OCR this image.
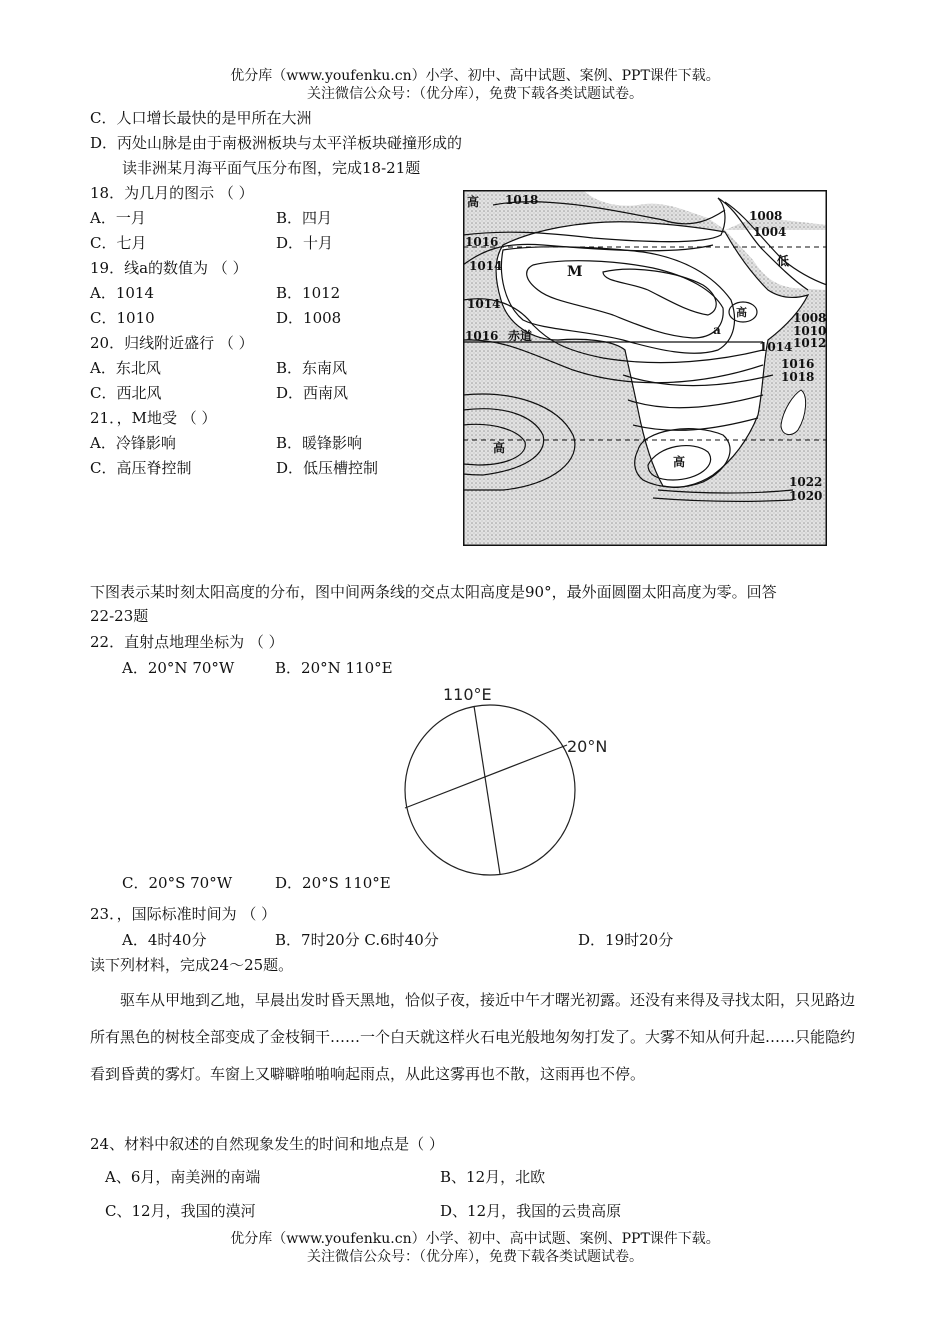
优分库（www.youfenku.cn）小学、初中、高中试题、案例、PPT课件下载。
关注微信公众号：（优分库），免费下载各类试题试卷。
C．人口增长最快的是甲所在大洲
D．丙处山脉是由于南极洲板块与太平洋板块碰撞形成的
读非洲某月海平面气压分布图，完成18-21题
18．为几月的图示 （ ）
A．一月	B．四月
C．七月	D．十月
19．线a的数值为 （ ）
A．1014	B．1012
C．1010	D．1008
20．归线附近盛行 （ ）
A．东北风	B．东南风
C．西北风	D．西南风
21．，M地受 （ ）
A．冷锋影响	B．暖锋影响
C．高压脊控制	D．低压槽控制
高 1018
1016
1014
1014
1016 赤道
M
1008
1004
低
高
a
1008
1010
1012
1014
1016
1018
高
高
1022
1020
下图表示某时刻太阳高度的分布，图中间两条线的交点太阳高度是90°，最外面圆圈太阳高度为零。回答
22-23题
22．直射点地理坐标为 （ ）
A．20°N 70°W	B．20°N 110°E
110°E
20°N
C．20°S 70°W	D．20°S 110°E
23．，国际标准时间为 （ ）
A．4时40分	B．7时20分 C.6时40分	D．19时20分
读下列材料，完成24～25题。
驱车从甲地到乙地，早晨出发时昏天黑地，恰似子夜，接近中午才曙光初露。还没有来得及寻找太阳，只见路边所有黑色的树枝全部变成了金枝铜干……一个白天就这样火石电光般地匆匆打发了。大雾不知从何升起……只能隐约看到昏黄的雾灯。车窗上又噼噼啪啪响起雨点，从此这雾再也不散，这雨再也不停。
24、材料中叙述的自然现象发生的时间和地点是（ ）
A、6月，南美洲的南端	B、12月，北欧
C、12月，我国的漠河	D、12月，我国的云贵高原
优分库（www.youfenku.cn）小学、初中、高中试题、案例、PPT课件下载。
关注微信公众号：（优分库），免费下载各类试题试卷。
